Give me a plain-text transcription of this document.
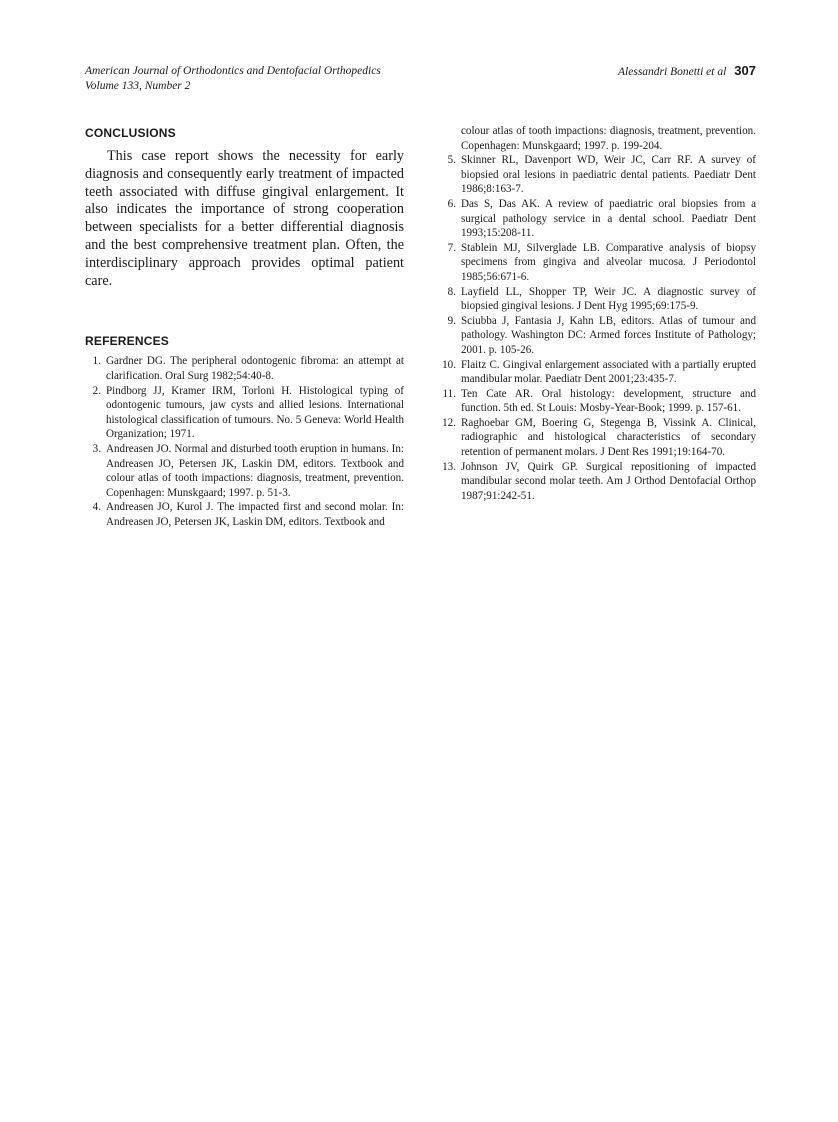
American Journal of Orthodontics and Dentofacial Orthopedics
Volume 133, Number 2
Alessandri Bonetti et al 307
CONCLUSIONS

This case report shows the necessity for early diagnosis and consequently early treatment of impacted teeth associated with diffuse gingival enlargement. It also indicates the importance of strong cooperation between specialists for a better differential diagnosis and the best comprehensive treatment plan. Often, the interdisciplinary approach provides optimal patient care.

REFERENCES
1. Gardner DG. The peripheral odontogenic fibroma: an attempt at clarification. Oral Surg 1982;54:40-8.
2. Pindborg JJ, Kramer IRM, Torloni H. Histological typing of odontogenic tumours, jaw cysts and allied lesions. International histological classification of tumours. No. 5 Geneva: World Health Organization; 1971.
3. Andreasen JO. Normal and disturbed tooth eruption in humans. In: Andreasen JO, Petersen JK, Laskin DM, editors. Textbook and colour atlas of tooth impactions: diagnosis, treatment, prevention. Copenhagen: Munskgaard; 1997. p. 51-3.
4. Andreasen JO, Kurol J. The impacted first and second molar. In: Andreasen JO, Petersen JK, Laskin DM, editors. Textbook and
colour atlas of tooth impactions: diagnosis, treatment, prevention. Copenhagen: Munskgaard; 1997. p. 199-204.
5. Skinner RL, Davenport WD, Weir JC, Carr RF. A survey of biopsied oral lesions in paediatric dental patients. Paediatr Dent 1986;8:163-7.
6. Das S, Das AK. A review of paediatric oral biopsies from a surgical pathology service in a dental school. Paediatr Dent 1993;15:208-11.
7. Stablein MJ, Silverglade LB. Comparative analysis of biopsy specimens from gingiva and alveolar mucosa. J Periodontol 1985;56:671-6.
8. Layfield LL, Shopper TP, Weir JC. A diagnostic survey of biopsied gingival lesions. J Dent Hyg 1995;69:175-9.
9. Sciubba J, Fantasia J, Kahn LB, editors. Atlas of tumour and pathology. Washington DC: Armed forces Institute of Pathology; 2001. p. 105-26.
10. Flaitz C. Gingival enlargement associated with a partially erupted mandibular molar. Paediatr Dent 2001;23:435-7.
11. Ten Cate AR. Oral histology: development, structure and function. 5th ed. St Louis: Mosby-Year-Book; 1999. p. 157-61.
12. Raghoebar GM, Boering G, Stegenga B, Vissink A. Clinical, radiographic and histological characteristics of secondary retention of permanent molars. J Dent Res 1991;19:164-70.
13. Johnson JV, Quirk GP. Surgical repositioning of impacted mandibular second molar teeth. Am J Orthod Dentofacial Orthop 1987;91:242-51.
